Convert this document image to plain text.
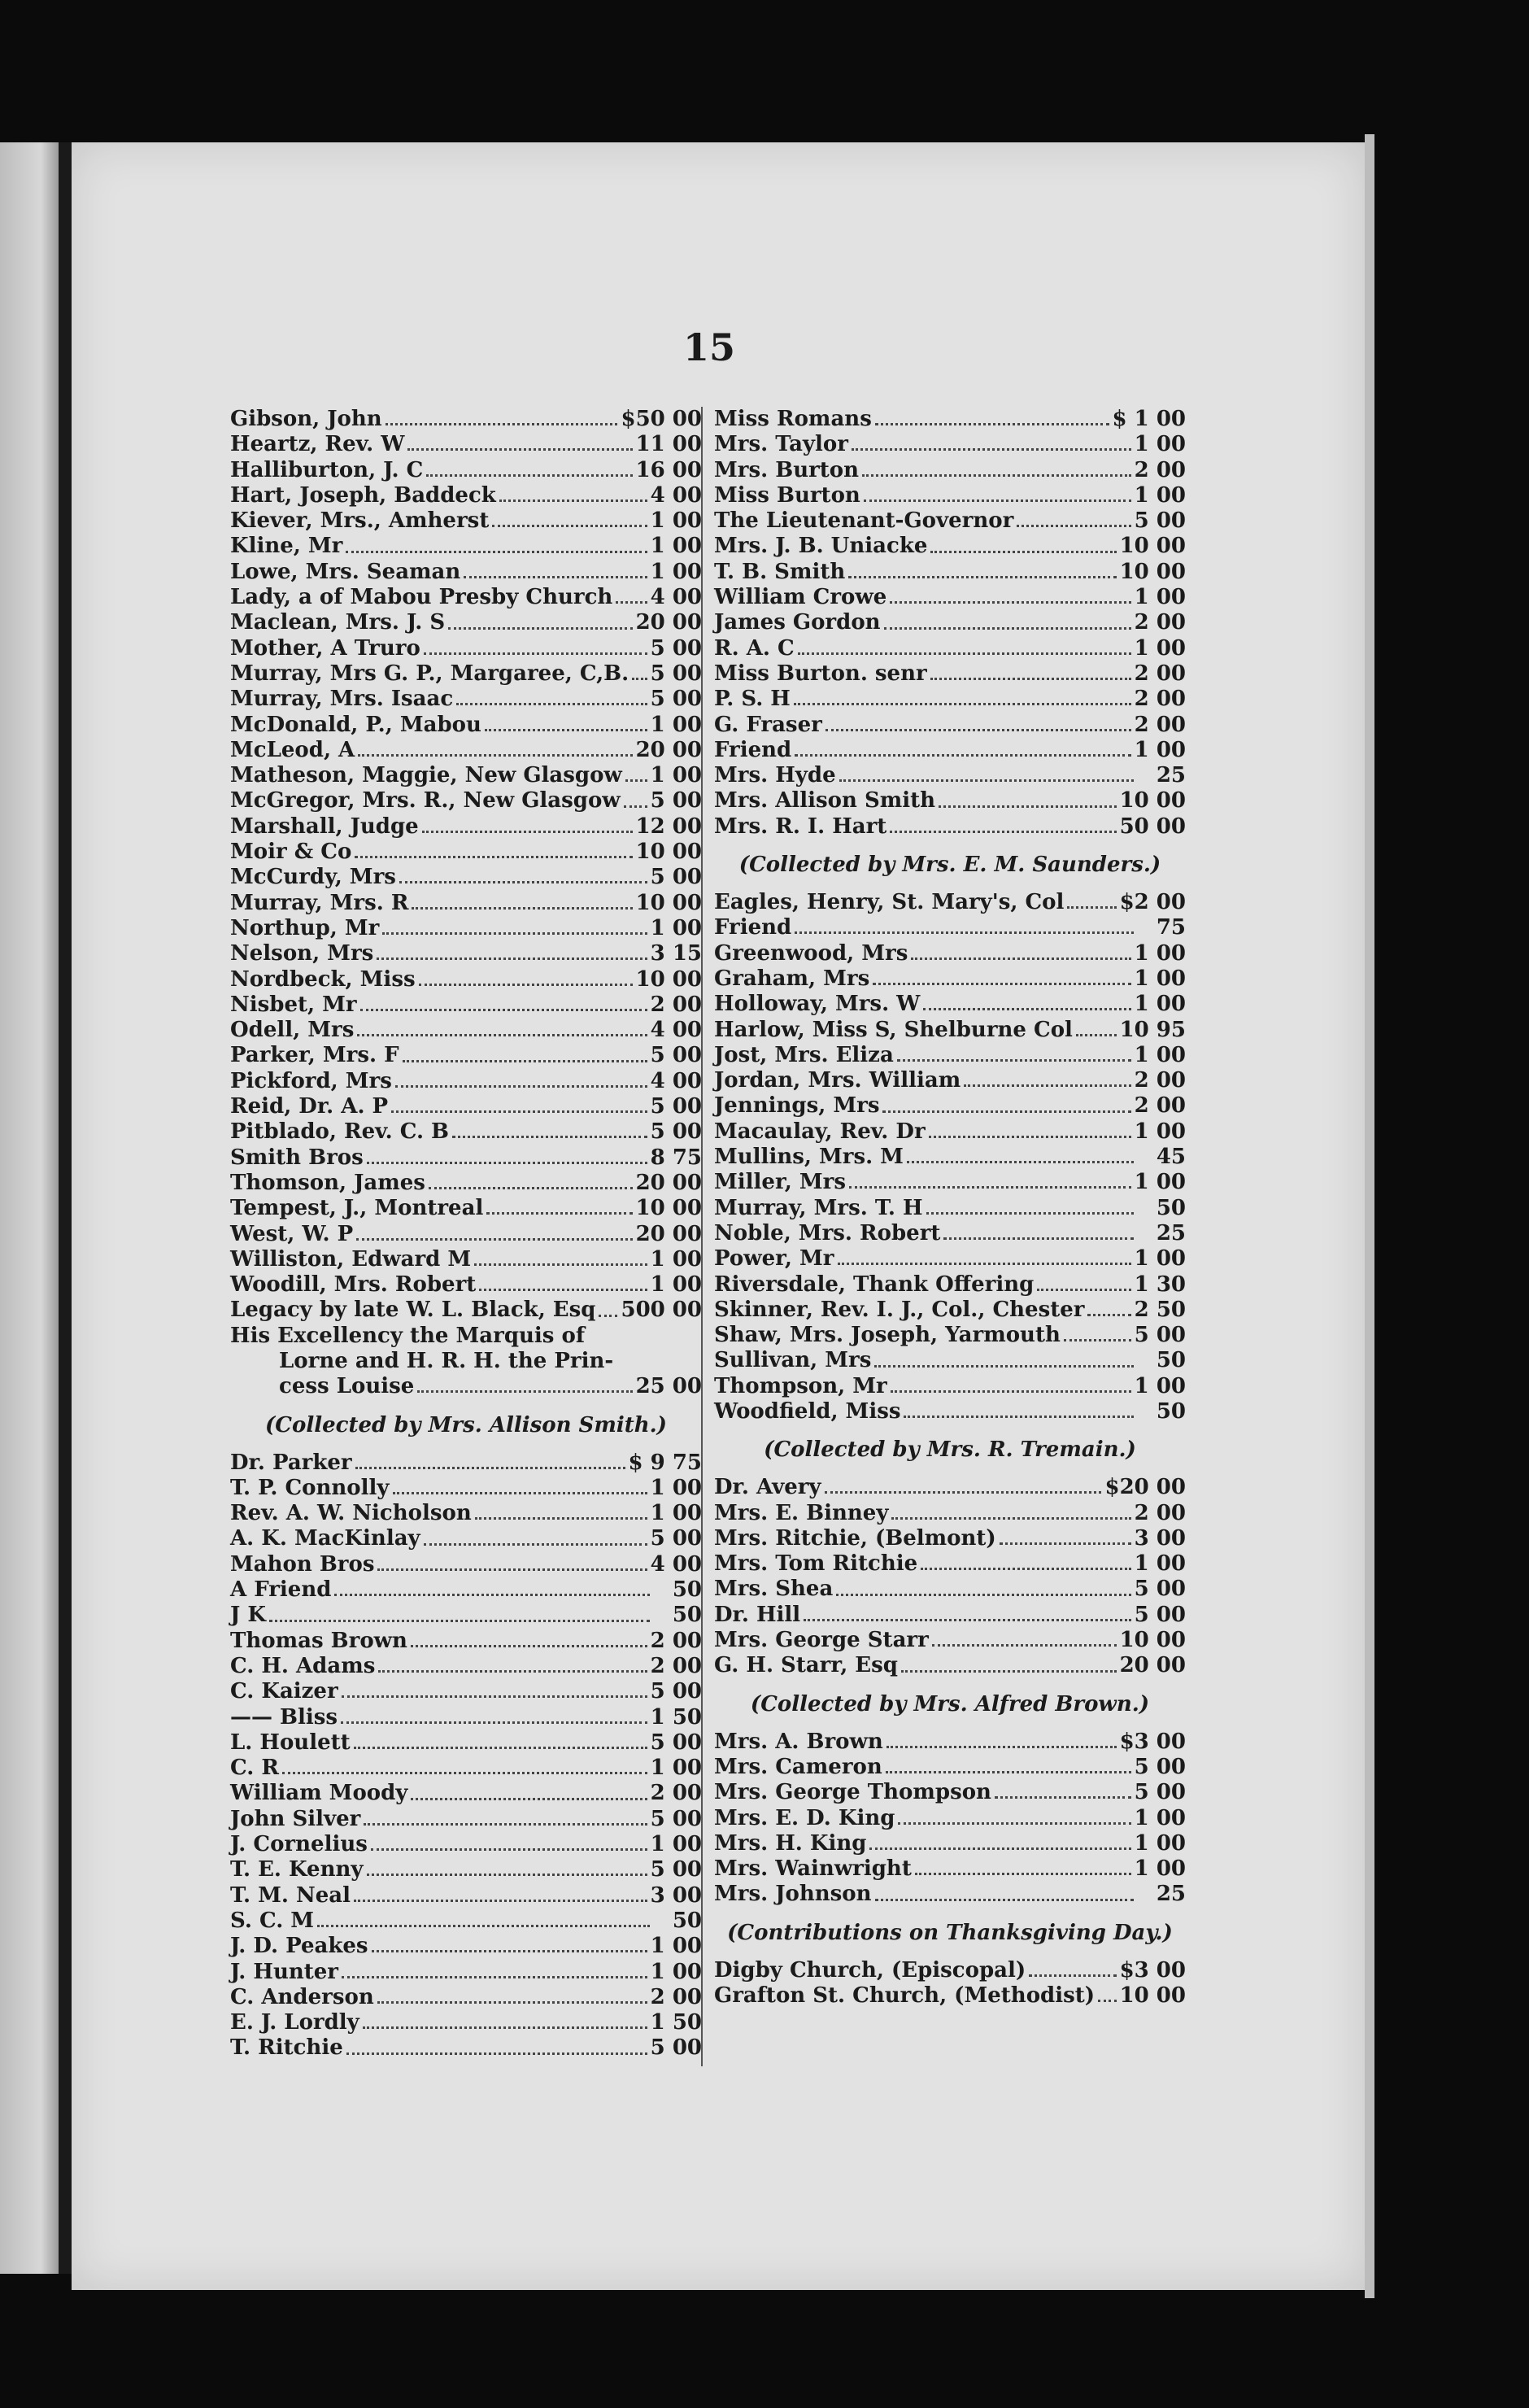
15
Gibson, John	$50 00
Heartz, Rev. W	11 00
Halliburton, J. C	16 00
Hart, Joseph, Baddeck	4 00
Kiever, Mrs., Amherst	1 00
Kline, Mr	1 00
Lowe, Mrs. Seaman	1 00
Lady, a of Mabou Presby Church 4 00
Maclean, Mrs. J. S	20 00
Mother, A Truro	5 00
Murray, Mrs G. P., Margaree, C,B. 5 00
Murray, Mrs. Isaac	5 00
McDonald, P., Mabou	1 00
McLeod, A	20 00
Matheson, Maggie, New Glasgow 1 00
McGregor, Mrs. R., New Glasgow 5 00
Marshall, Judge	12 00
Moir & Co	10 00
McCurdy, Mrs	5 00
Murray, Mrs. R	10 00
Northup, Mr	1 00
Nelson, Mrs	3 15
Nordbeck, Miss	10 00
Nisbet, Mr	2 00
Odell, Mrs	4 00
Parker, Mrs. F	5 00
Pickford, Mrs	4 00
Reid, Dr. A. P	5 00
Pitblado, Rev. C. B	5 00
Smith Bros	8 75
Thomson, James	20 00
Tempest, J., Montreal	10 00
West, W. P	20 00
Williston, Edward M	1 00
Woodill, Mrs. Robert	1 00
Legacy by late W. L. Black, Esq 500 00
His Excellency the Marquis of
Lorne and H. R. H. the Prin-
cess Louise	25 00
(Collected by Mrs. Allison Smith.)
Dr. Parker	$ 9 75
T. P. Connolly	1 00
Rev. A. W. Nicholson	1 00
A. K. MacKinlay	5 00
Mahon Bros	4 00
A Friend	50
J K	50
Thomas Brown	2 00
C. H. Adams	2 00
C. Kaizer	5 00
—— Bliss	1 50
L. Houlett	5 00
C. R	1 00
William Moody	2 00
John Silver	5 00
J. Cornelius	1 00
T. E. Kenny	5 00
T. M. Neal	3 00
S. C. M	50
J. D. Peakes	1 00
J. Hunter	1 00
C. Anderson	2 00
E. J. Lordly	1 50
T. Ritchie	5 00
Miss Romans	$ 1 00
Mrs. Taylor	1 00
Mrs. Burton	2 00
Miss Burton	1 00
The Lieutenant-Governor	5 00
Mrs. J. B. Uniacke	10 00
T. B. Smith	10 00
William Crowe	1 00
James Gordon	2 00
R. A. C	1 00
Miss Burton. senr	2 00
P. S. H	2 00
G. Fraser	2 00
Friend	1 00
Mrs. Hyde	25
Mrs. Allison Smith	10 00
Mrs. R. I. Hart	50 00
(Collected by Mrs. E. M. Saunders.)
Eagles, Henry, St. Mary's, Col	$2 00
Friend	75
Greenwood, Mrs	1 00
Graham, Mrs	1 00
Holloway, Mrs. W	1 00
Harlow, Miss S, Shelburne Col 10 95
Jost, Mrs. Eliza	1 00
Jordan, Mrs. William	2 00
Jennings, Mrs	2 00
Macaulay, Rev. Dr	1 00
Mullins, Mrs. M	45
Miller, Mrs	1 00
Murray, Mrs. T. H	50
Noble, Mrs. Robert	25
Power, Mr	1 00
Riversdale, Thank Offering	1 30
Skinner, Rev. I. J., Col., Chester 2 50
Shaw, Mrs. Joseph, Yarmouth	5 00
Sullivan, Mrs	50
Thompson, Mr	1 00
Woodfield, Miss	50
(Collected by Mrs. R. Tremain.)
Dr. Avery	$20 00
Mrs. E. Binney	2 00
Mrs. Ritchie, (Belmont)	3 00
Mrs. Tom Ritchie	1 00
Mrs. Shea	5 00
Dr. Hill	5 00
Mrs. George Starr	10 00
G. H. Starr, Esq	20 00
(Collected by Mrs. Alfred Brown.)
Mrs. A. Brown	$3 00
Mrs. Cameron	5 00
Mrs. George Thompson	5 00
Mrs. E. D. King	1 00
Mrs. H. King	1 00
Mrs. Wainwright	1 00
Mrs. Johnson	25
(Contributions on Thanksgiving Day.)
Digby Church, (Episcopal)	$3 00
Grafton St. Church, (Methodist) 10 00
